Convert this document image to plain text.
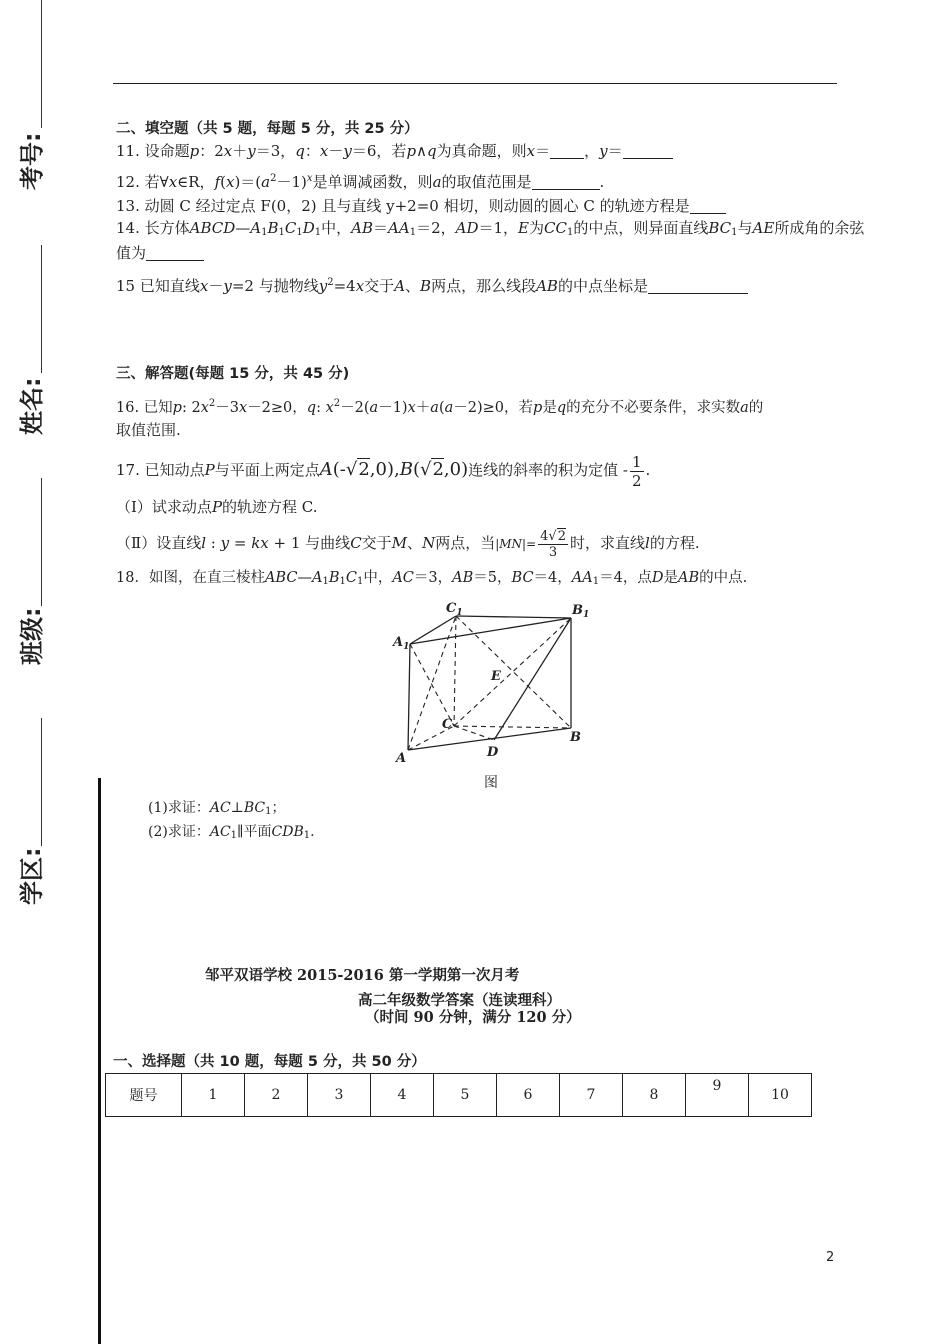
考号:
姓名:
班级:
学区:
二、填空题（共 5 题，每题 5 分，共 25 分）
11. 设命题p：2x＋y＝3，q：x－y＝6，若p∧q为真命题，则x＝ ，y＝
12. 若∀x∈R，$f(x)=(a^2-1)^x$是单调减函数，则a的取值范围是	.
13. 动圆 C 经过定点 F(0，2) 且与直线 y+2=0 相切，则动圆的圆心 C 的轨迹方程是
14. 长方体$ABCD—A_1B_1C_1D_1$中，$AB=AA_1=2$，AD＝1，E为$CC_1$的中点，则异面直线$BC_1$与AE所成角的余弦
值为
15 已知直线x－y=2 与抛物线$y^2=4x$交于A、B两点，那么线段AB的中点坐标是
三、解答题(每题 15 分，共 45 分)
16. 已知p: $2x^2-3x-2\ge 0$，q: $x^2-2(a-1)x+a(a-2)\ge 0$，若p是q的充分不必要条件，求实数a的
取值范围.
17. 已知动点P与平面上两定点A(-√2,0),B(√2,0)连线的斜率的积为定值 - $\frac{1}{2}$ .
（Ⅰ）试求动点P的轨迹方程 C.
（Ⅱ）设直线l : y = kx + 1 与曲线C交于M、N两点，当$|MN|= \frac{4√2}{3}$ 时，求直线l的方程.
18．如图，在直三棱柱$ABC—A_1B_1C_1$中，AC＝3，AB＝5，BC＝4，$AA_1=4$，点D是AB的中点.
$C_1$	$B_1$
$A_1$
E
C
A	D
B
图
(1)求证：$AC\perp BC_1$；
(2)求证：$AC_1\parallel$平面$CDB_1$.
邹平双语学校 2015-2016 第一学期第一次月考
高二年级数学答案（连读理科）
（时间 90 分钟，满分 120 分）
一、选择题（共 10 题，每题 5 分，共 50 分）
题号	1	2	3	4	5	6	7	8	9	10
2
